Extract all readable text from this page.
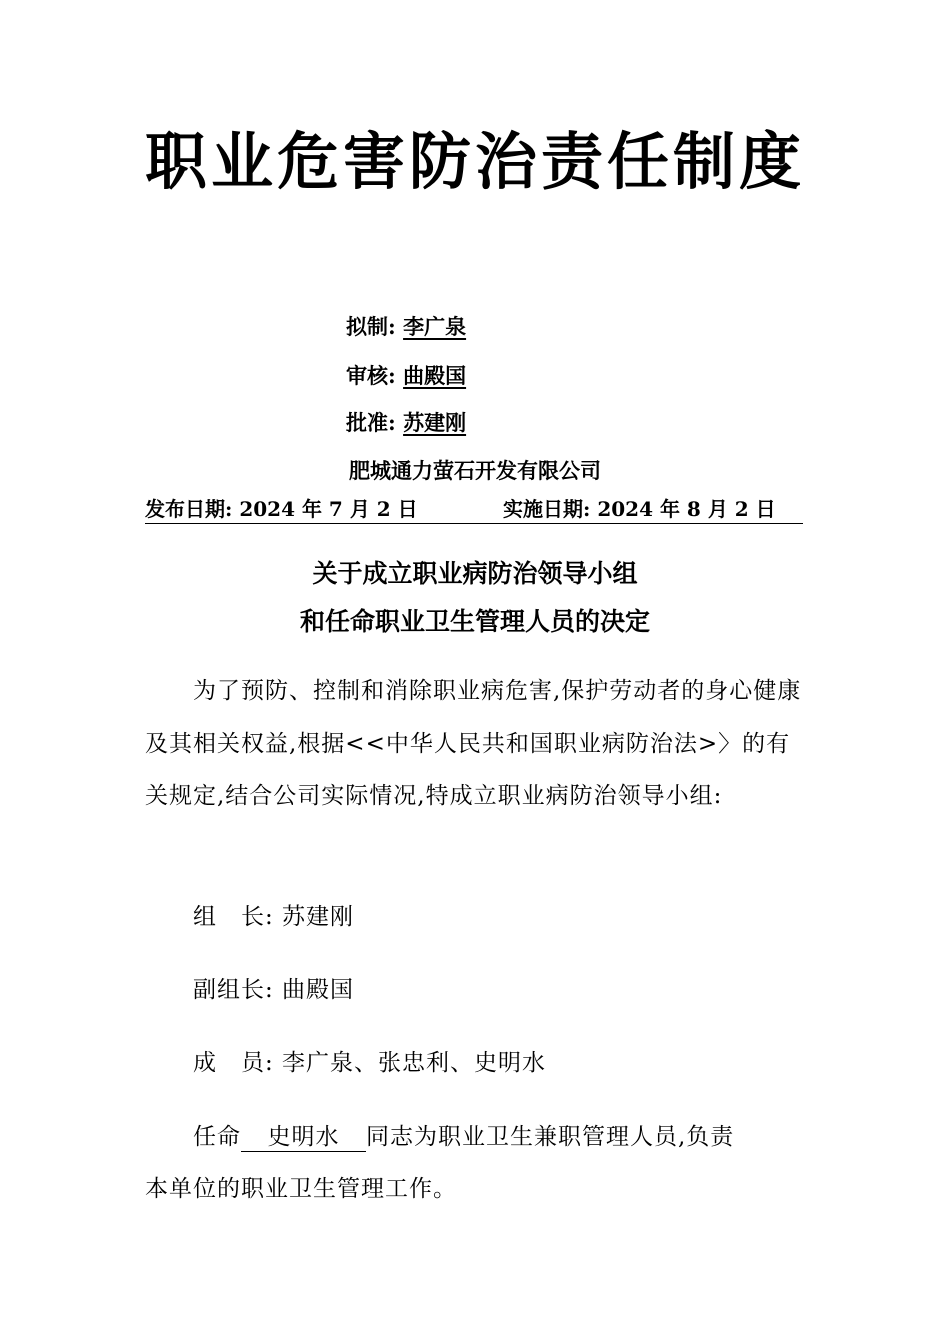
职业危害防治责任制度
拟制: 李广泉
审核: 曲殿国
批准: 苏建刚
肥城通力萤石开发有限公司
发布日期: 2024 年 7 月 2 日	实施日期: 2024 年 8 月 2 日
关于成立职业病防治领导小组
和任命职业卫生管理人员的决定
为了预防、控制和消除职业病危害,保护劳动者的身心健康及其相关权益,根据<<中华人民共和国职业病防治法>〉的有关规定,结合公司实际情况,特成立职业病防治领导小组:
组　长: 苏建刚
副组长: 曲殿国
成　员: 李广泉、张忠利、史明水
任命 史明水 同志为职业卫生兼职管理人员,负责
本单位的职业卫生管理工作。
